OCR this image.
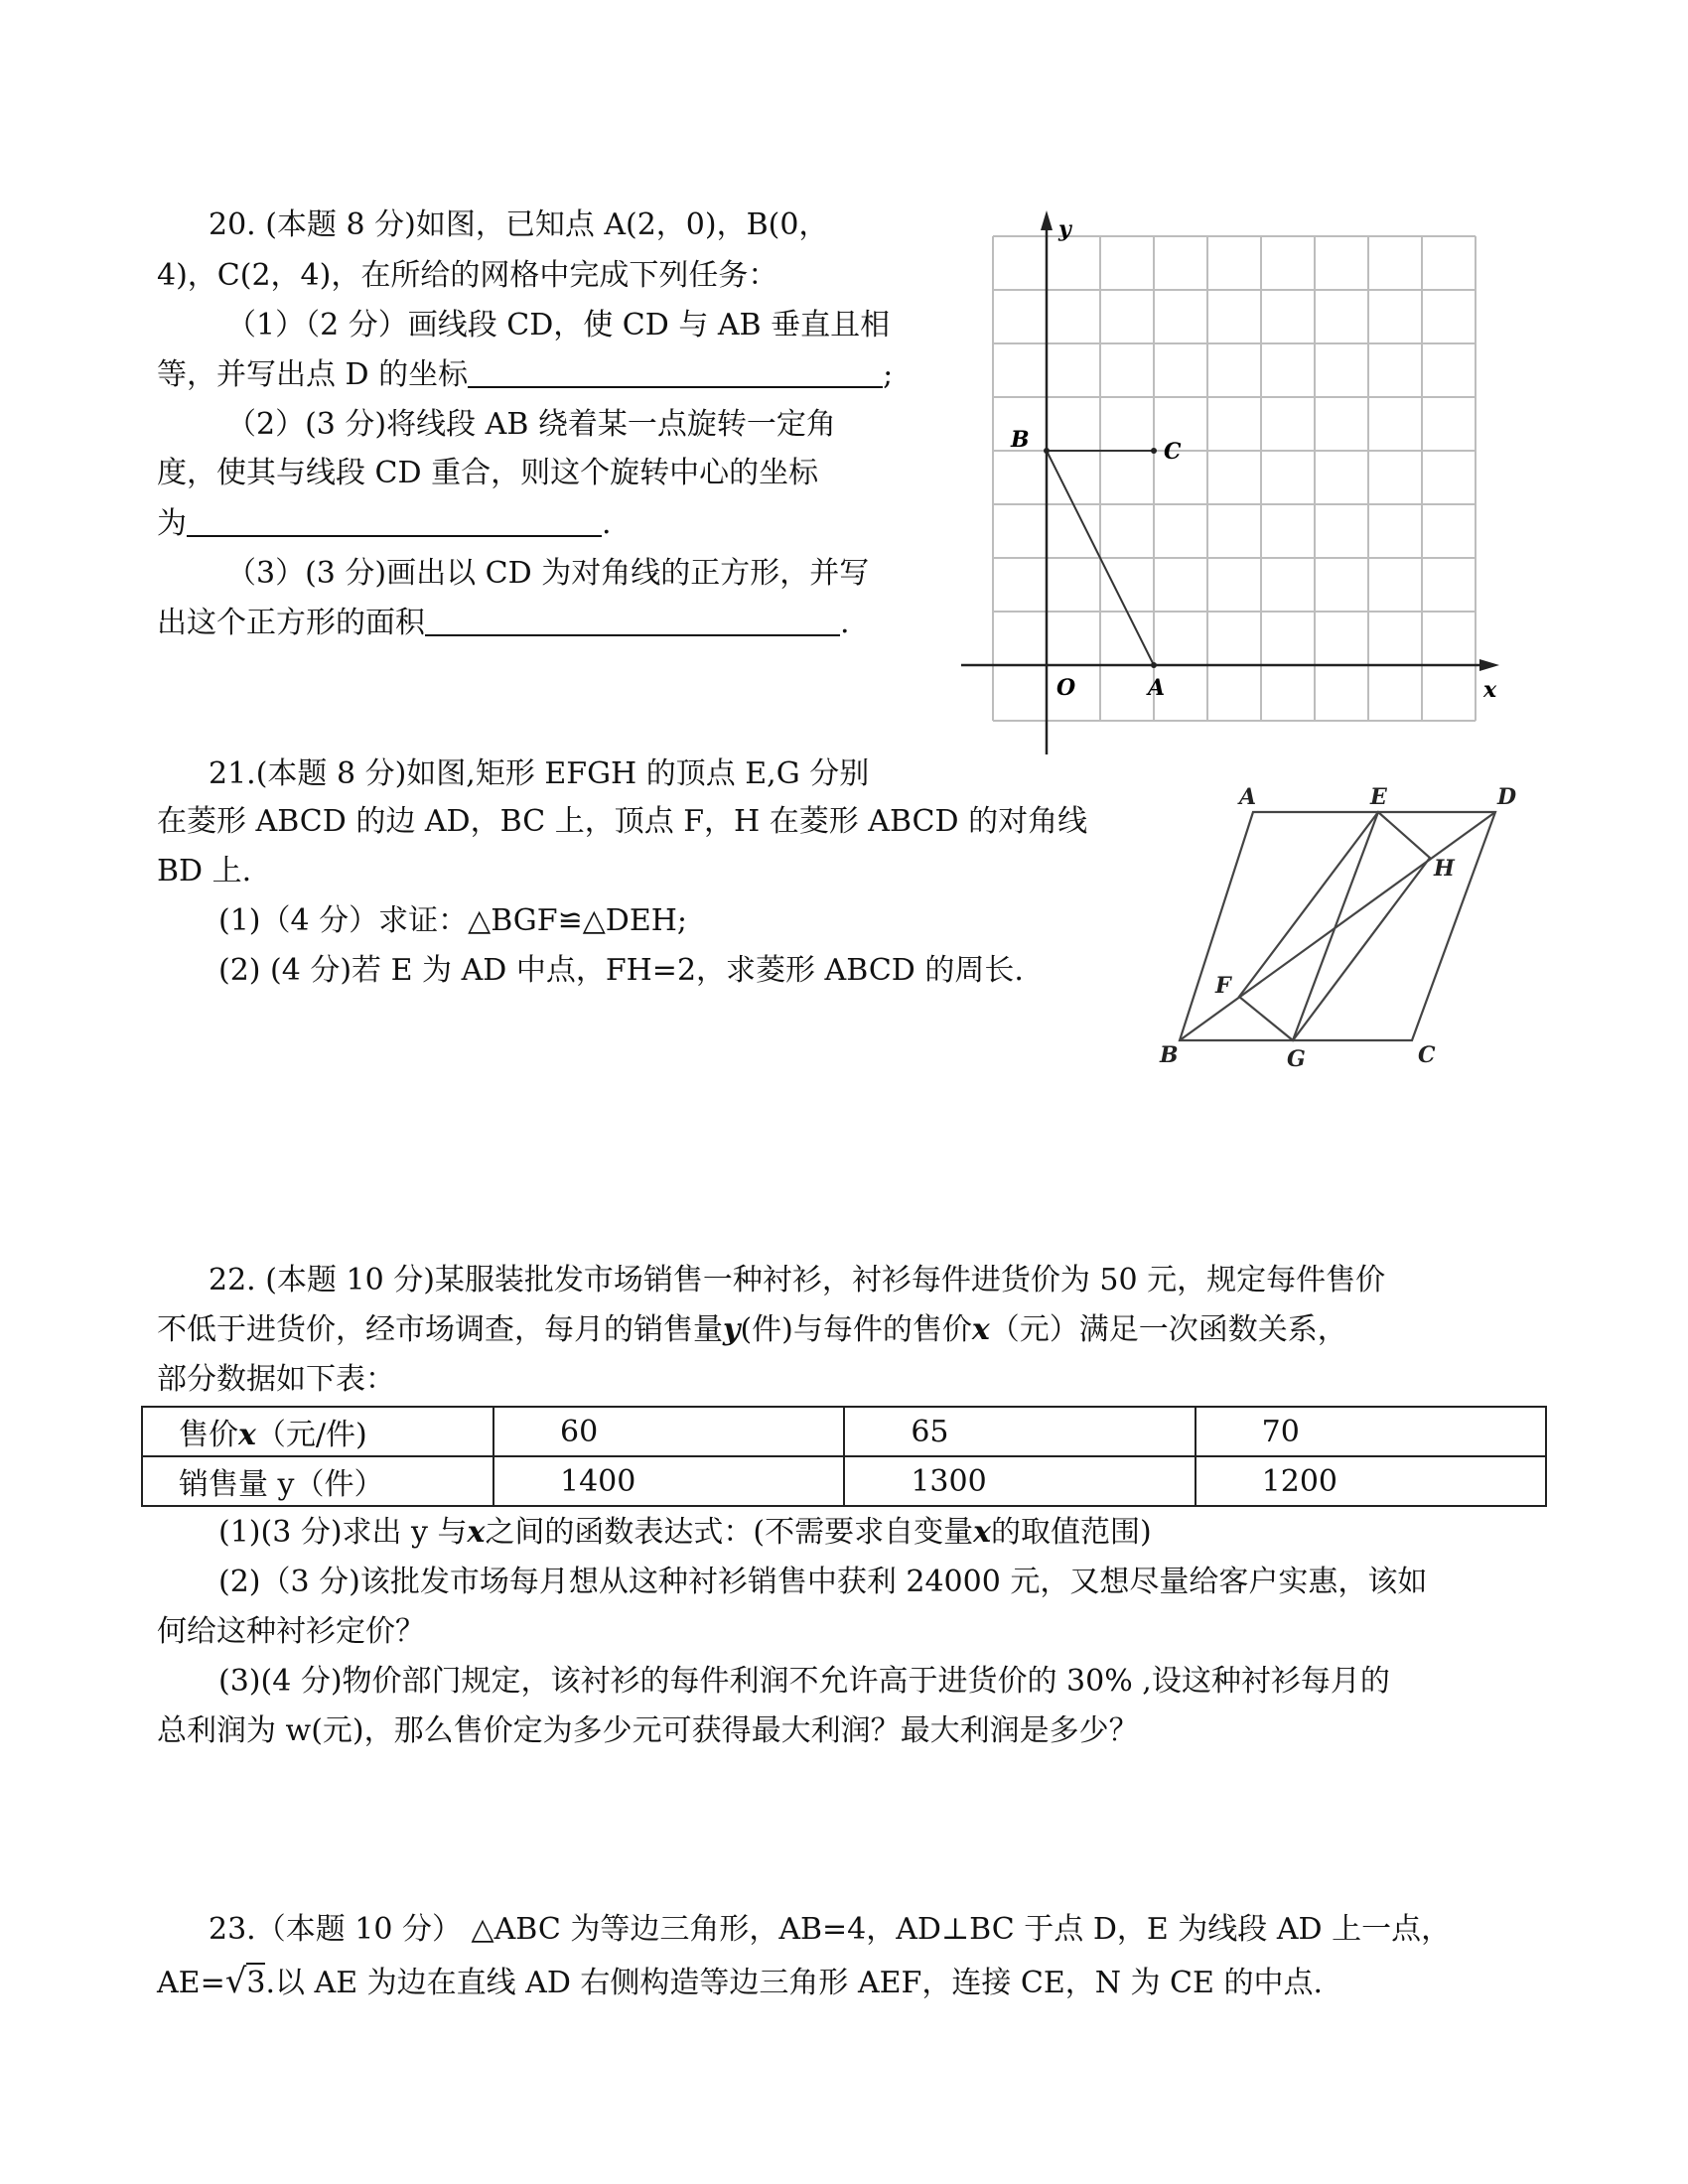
20. (本题 8 分)如图，已知点 A(2，0)，B(0，
4)，C(2，4)，在所给的网格中完成下列任务：
（1）（2 分）画线段 CD，使 CD 与 AB 垂直且相
等，并写出点 D 的坐标	;
（2）(3 分)将线段 AB 绕着某一点旋转一定角
度，使其与线段 CD 重合，则这个旋转中心的坐标
为	.
（3）(3 分)画出以 CD 为对角线的正方形，并写
出这个正方形的面积	.
y
x
O
B	C
A
21.(本题 8 分)如图,矩形 EFGH 的顶点 E,G 分别
在菱形 ABCD 的边 AD，BC 上，顶点 F，H 在菱形 ABCD 的对角线
BD 上.
(1)（4 分）求证：△BGF≌△DEH;
(2) (4 分)若 E 为 AD 中点，FH=2，求菱形 ABCD 的周长.
A	E	D
H
F
B	G	C
22. (本题 10 分)某服装批发市场销售一种衬衫，衬衫每件进货价为 50 元，规定每件售价
不低于进货价，经市场调查，每月的销售量y(件)与每件的售价x（元）满足一次函数关系，
部分数据如下表：
售价x（元/件)	60	65	70
销售量 y（件）	1400	1300	1200
(1)(3 分)求出 y 与x之间的函数表达式：(不需要求自变量x的取值范围)
(2)（3 分)该批发市场每月想从这种衬衫销售中获利 24000 元，又想尽量给客户实惠，该如
何给这种衬衫定价？
(3)(4 分)物价部门规定，该衬衫的每件利润不允许高于进货价的 30% ,设这种衬衫每月的
总利润为 w(元)，那么售价定为多少元可获得最大利润？最大利润是多少？
23.（本题 10 分） △ABC 为等边三角形，AB=4，AD⊥BC 于点 D，E 为线段 AD 上一点，
AE=√3.以 AE 为边在直线 AD 右侧构造等边三角形 AEF，连接 CE，N 为 CE 的中点.
